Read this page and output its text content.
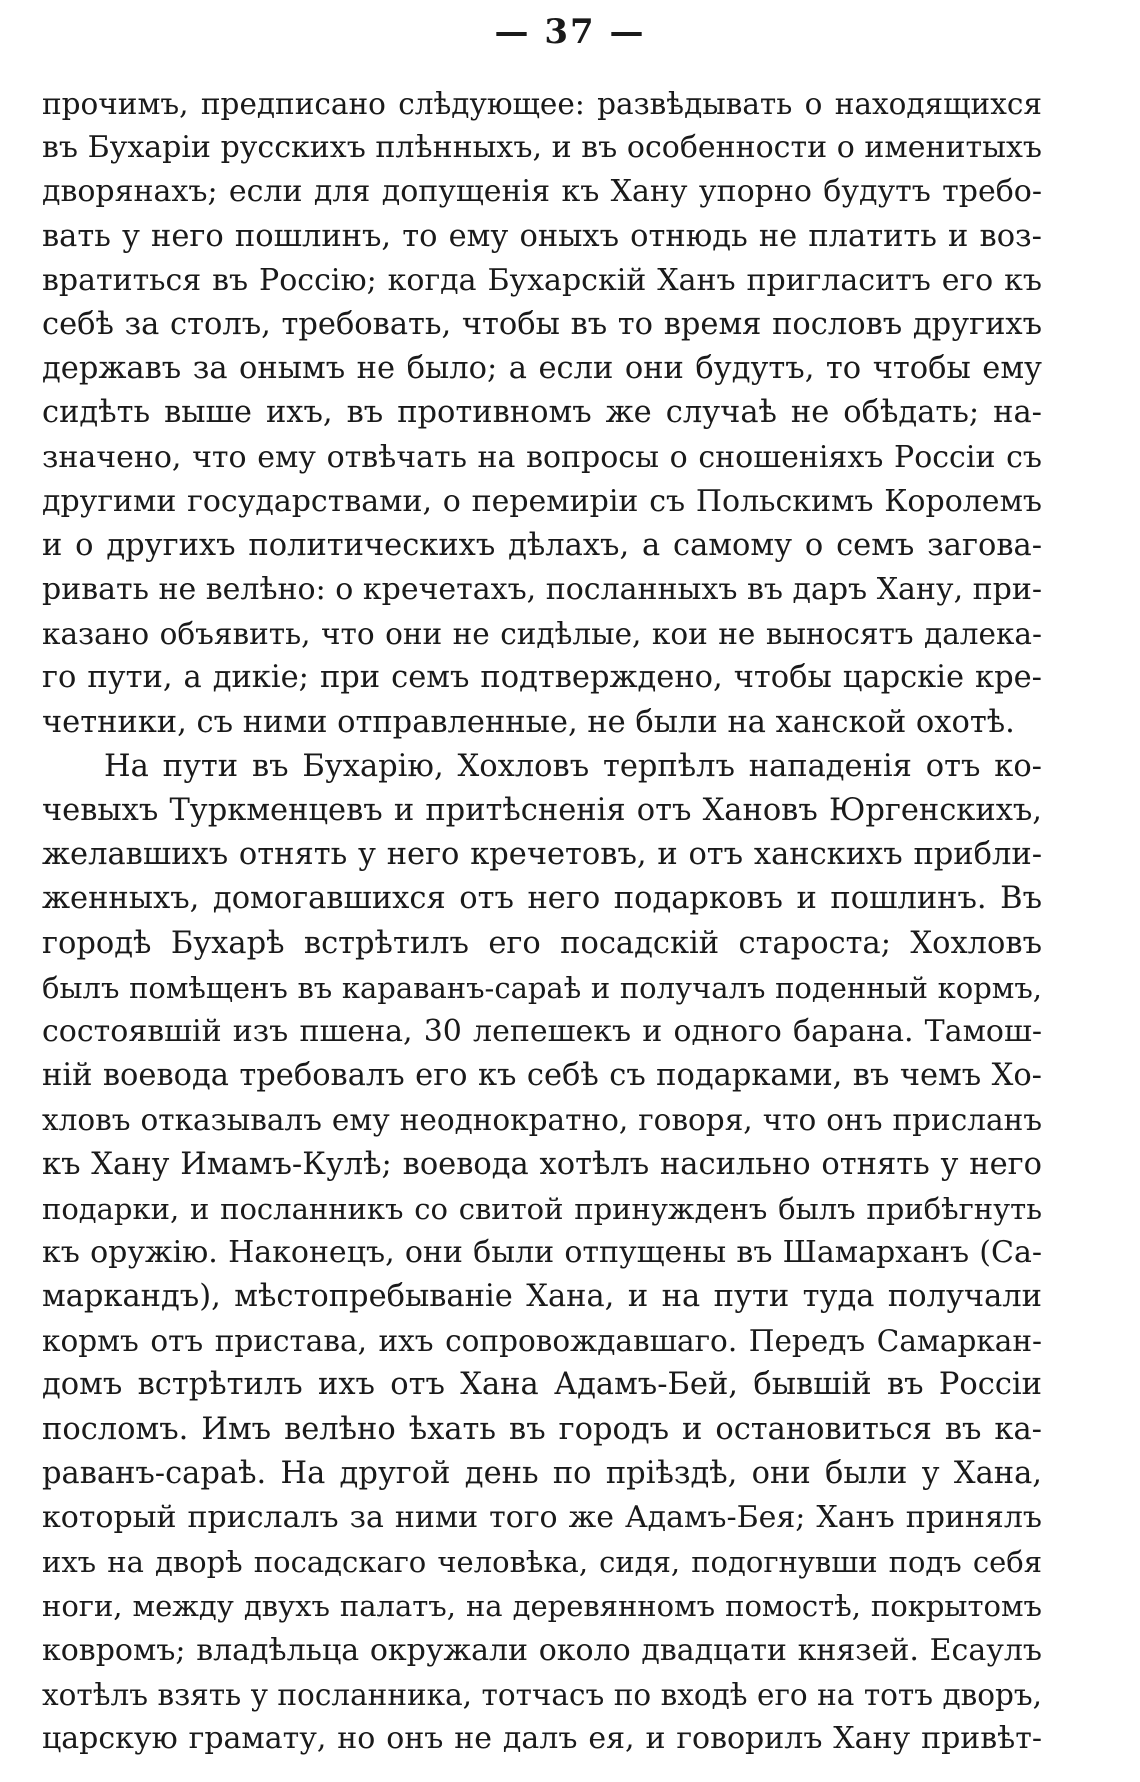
— 37 —
прочимъ, предписано слѣдующее: развѣдывать о находящихся
въ Бухаріи русскихъ плѣнныхъ, и въ особенности о именитыхъ
дворянахъ; если для допущенія къ Хану упорно будутъ требо-
вать у него пошлинъ, то ему оныхъ отнюдь не платить и воз-
вратиться въ Россію; когда Бухарскій Ханъ пригласитъ его къ
себѣ за столъ, требовать, чтобы въ то время пословъ другихъ
державъ за онымъ не было; а если они будутъ, то чтобы ему
сидѣть выше ихъ, въ противномъ же случаѣ не обѣдать; на-
значено, что ему отвѣчать на вопросы о сношеніяхъ Россіи съ
другими государствами, о перемиріи съ Польскимъ Королемъ
и о другихъ политическихъ дѣлахъ, а самому о семъ загова-
ривать не велѣно: о кречетахъ, посланныхъ въ даръ Хану, при-
казано объявить, что они не сидѣлые, кои не выносятъ далека-
го пути, а дикіе; при семъ подтверждено, чтобы царскіе кре-
четники, съ ними отправленные, не были на ханской охотѣ.
На пути въ Бухарію, Хохловъ терпѣлъ нападенія отъ ко-
чевыхъ Туркменцевъ и притѣсненія отъ Хановъ Юргенскихъ,
желавшихъ отнять у него кречетовъ, и отъ ханскихъ прибли-
женныхъ, домогавшихся отъ него подарковъ и пошлинъ. Въ
городѣ Бухарѣ встрѣтилъ его посадскій староста; Хохловъ
былъ помѣщенъ въ караванъ-сараѣ и получалъ поденный кормъ,
состоявшій изъ пшена, 30 лепешекъ и одного барана. Тамош-
ній воевода требовалъ его къ себѣ съ подарками, въ чемъ Хо-
хловъ отказывалъ ему неоднократно, говоря, что онъ присланъ
къ Хану Имамъ-Кулѣ; воевода хотѣлъ насильно отнять у него
подарки, и посланникъ со свитой принужденъ былъ прибѣгнуть
къ оружію. Наконецъ, они были отпущены въ Шамарханъ (Са-
маркандъ), мѣстопребываніе Хана, и на пути туда получали
кормъ отъ пристава, ихъ сопровождавшаго. Передъ Самаркан-
домъ встрѣтилъ ихъ отъ Хана Адамъ-Бей, бывшій въ Россіи
посломъ. Имъ велѣно ѣхать въ городъ и остановиться въ ка-
раванъ-сараѣ. На другой день по пріѣздѣ, они были у Хана,
который прислалъ за ними того же Адамъ-Бея; Ханъ принялъ
ихъ на дворѣ посадскаго человѣка, сидя, подогнувши подъ себя
ноги, между двухъ палатъ, на деревянномъ помостѣ, покрытомъ
ковромъ; владѣльца окружали около двадцати князей. Есаулъ
хотѣлъ взять у посланника, тотчасъ по входѣ его на тотъ дворъ,
царскую грамату, но онъ не далъ ея, и говорилъ Хану привѣт-
